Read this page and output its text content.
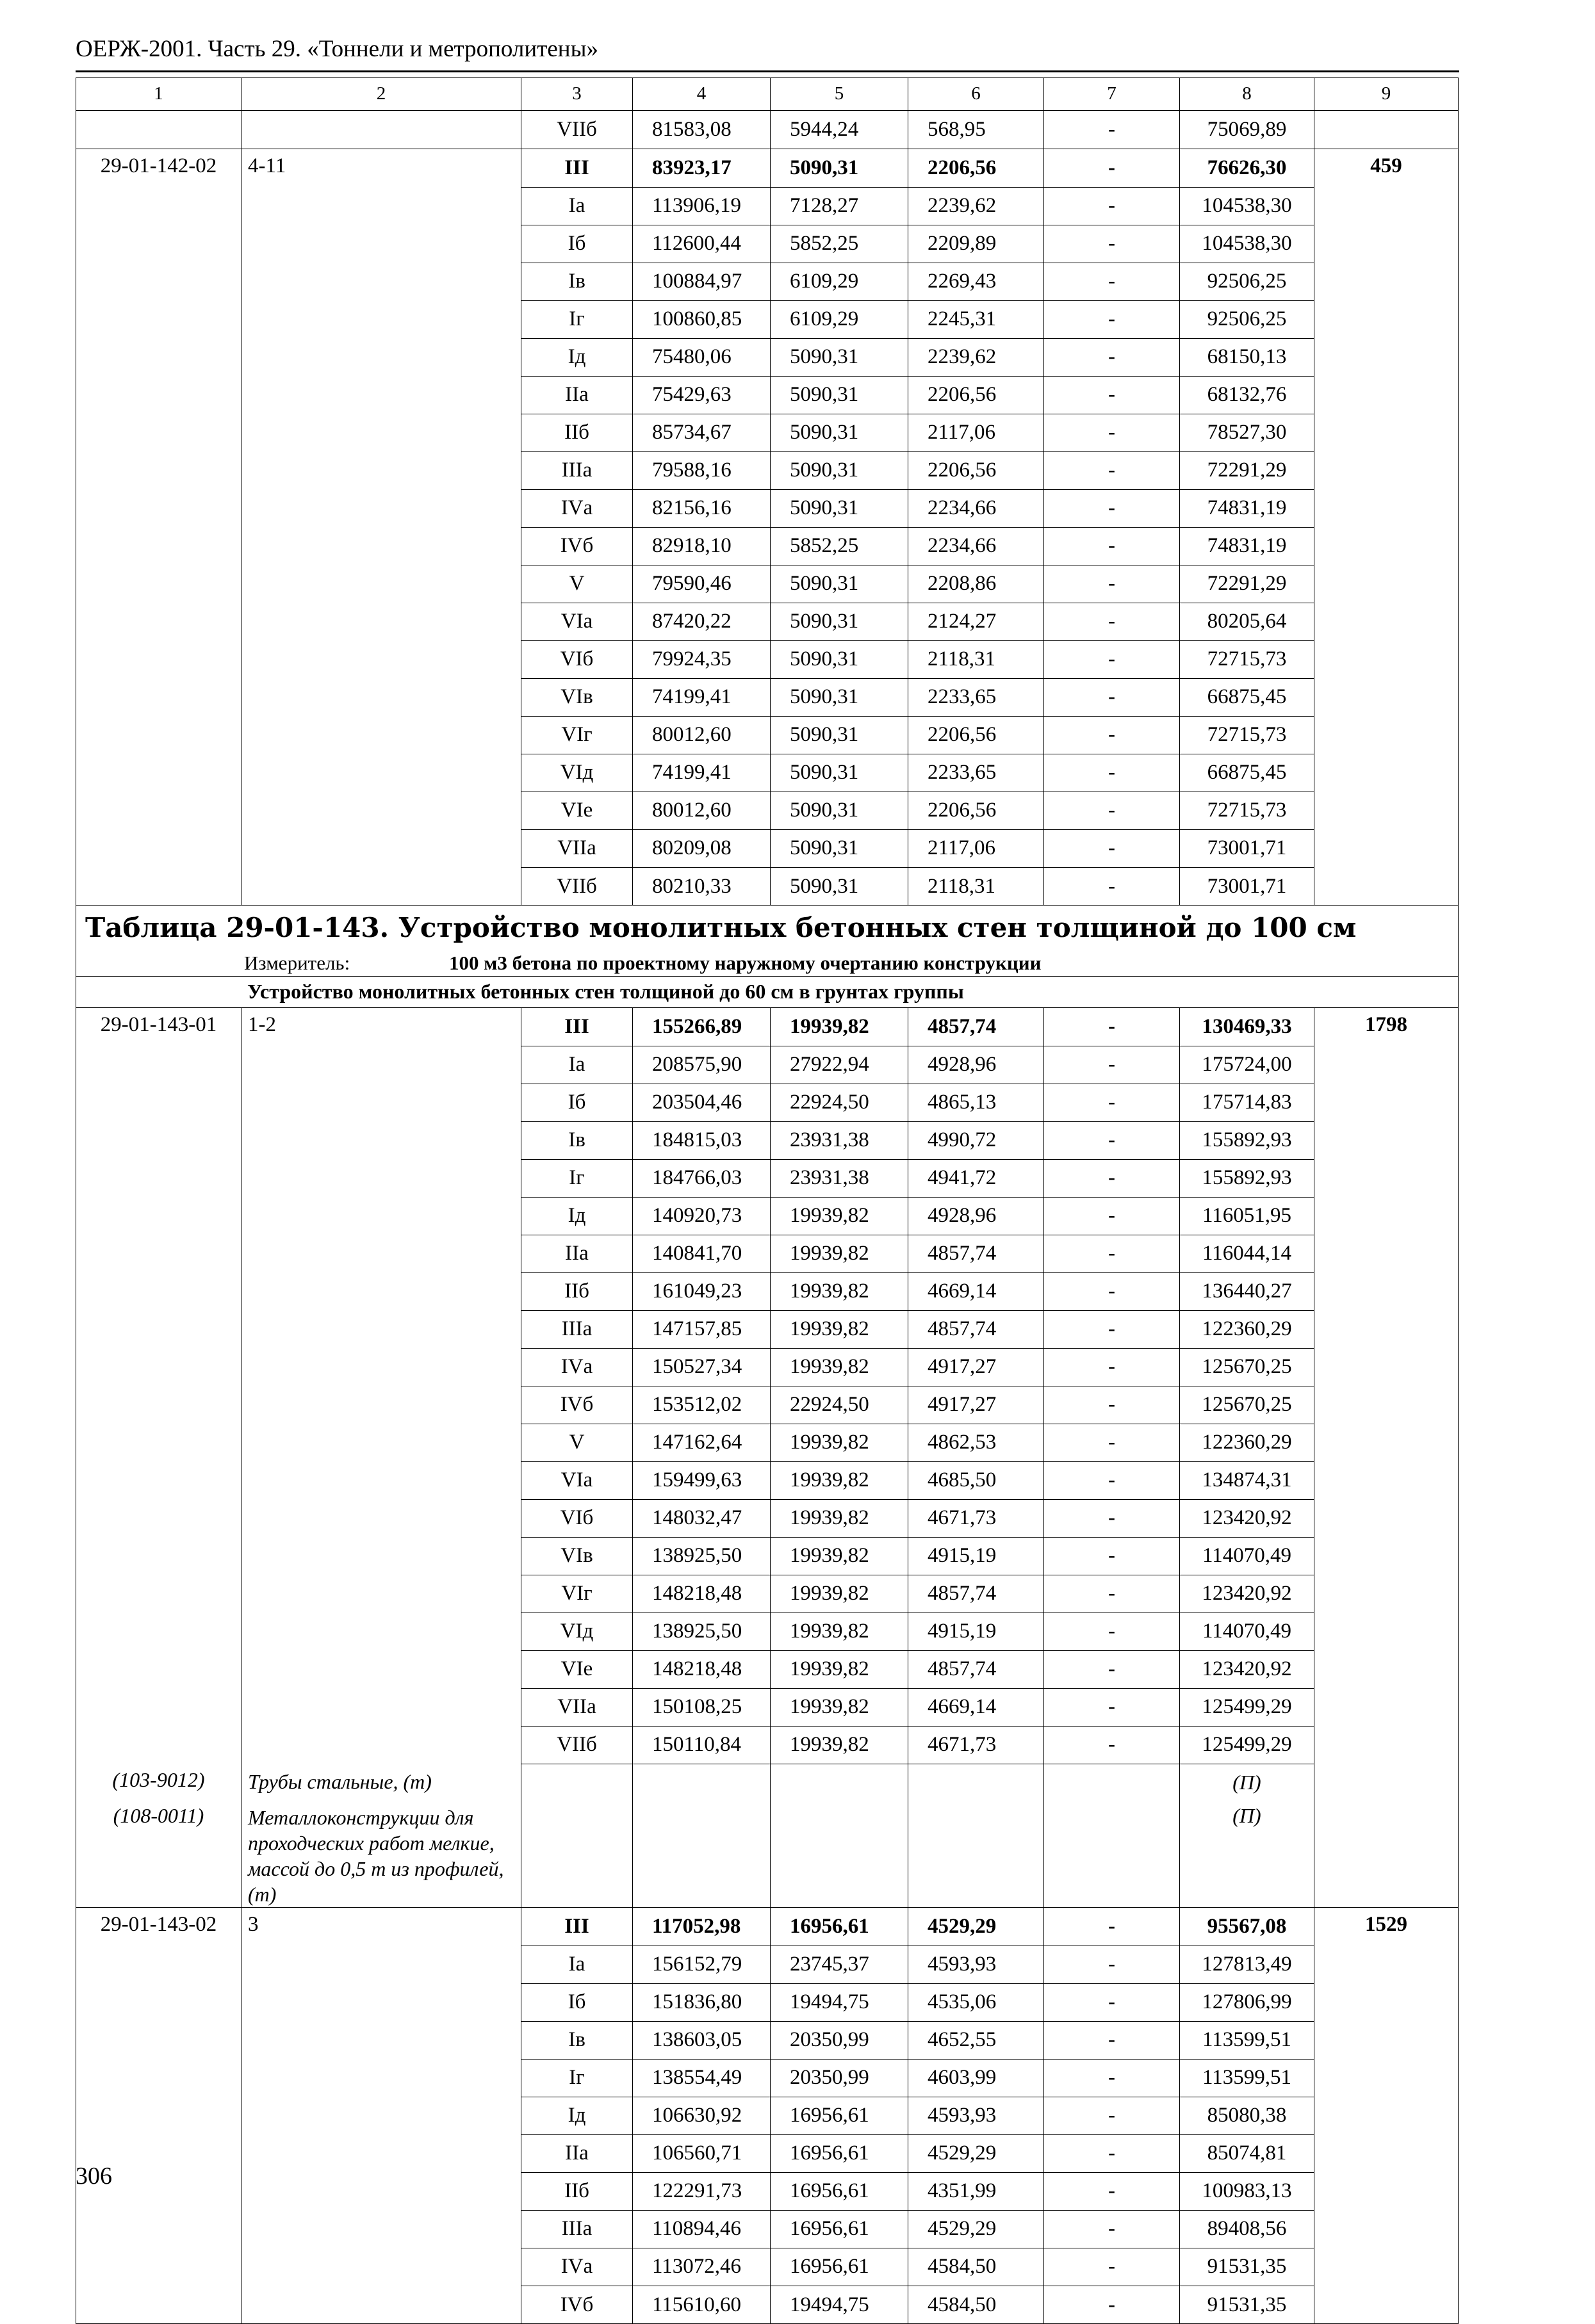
ОЕРЖ-2001. Часть 29. «Тоннели и метрополитены»
1	2	3	4	5	6	7	8	9
		VIIб	81583,08	5944,24	568,95	-	75069,89	
29-01-142-02	4-11	III	83923,17	5090,31	2206,56	-	76626,30	459
		Iа	113906,19	7128,27	2239,62	-	104538,30	
		Iб	112600,44	5852,25	2209,89	-	104538,30	
		Iв	100884,97	6109,29	2269,43	-	92506,25	
		Iг	100860,85	6109,29	2245,31	-	92506,25	
		Iд	75480,06	5090,31	2239,62	-	68150,13	
		IIа	75429,63	5090,31	2206,56	-	68132,76	
		IIб	85734,67	5090,31	2117,06	-	78527,30	
		IIIа	79588,16	5090,31	2206,56	-	72291,29	
		IVа	82156,16	5090,31	2234,66	-	74831,19	
		IVб	82918,10	5852,25	2234,66	-	74831,19	
		V	79590,46	5090,31	2208,86	-	72291,29	
		VIа	87420,22	5090,31	2124,27	-	80205,64	
		VIб	79924,35	5090,31	2118,31	-	72715,73	
		VIв	74199,41	5090,31	2233,65	-	66875,45	
		VIг	80012,60	5090,31	2206,56	-	72715,73	
		VIд	74199,41	5090,31	2233,65	-	66875,45	
		VIе	80012,60	5090,31	2206,56	-	72715,73	
		VIIа	80209,08	5090,31	2117,06	-	73001,71	
		VIIб	80210,33	5090,31	2118,31	-	73001,71	
Таблица 29-01-143. Устройство монолитных бетонных стен толщиной до 100 см								
Измеритель: 100 м3 бетона по проектному наружному очертанию конструкции								
Устройство монолитных бетонных стен толщиной до 60 см в грунтах группы								
29-01-143-01	1-2	III	155266,89	19939,82	4857,74	-	130469,33	1798
		Iа	208575,90	27922,94	4928,96	-	175724,00	
		Iб	203504,46	22924,50	4865,13	-	175714,83	
		Iв	184815,03	23931,38	4990,72	-	155892,93	
		Iг	184766,03	23931,38	4941,72	-	155892,93	
		Iд	140920,73	19939,82	4928,96	-	116051,95	
		IIа	140841,70	19939,82	4857,74	-	116044,14	
		IIб	161049,23	19939,82	4669,14	-	136440,27	
		IIIа	147157,85	19939,82	4857,74	-	122360,29	
		IVа	150527,34	19939,82	4917,27	-	125670,25	
		IVб	153512,02	22924,50	4917,27	-	125670,25	
		V	147162,64	19939,82	4862,53	-	122360,29	
		VIа	159499,63	19939,82	4685,50	-	134874,31	
		VIб	148032,47	19939,82	4671,73	-	123420,92	
		VIв	138925,50	19939,82	4915,19	-	114070,49	
		VIг	148218,48	19939,82	4857,74	-	123420,92	
		VIд	138925,50	19939,82	4915,19	-	114070,49	
		VIе	148218,48	19939,82	4857,74	-	123420,92	
		VIIа	150108,25	19939,82	4669,14	-	125499,29	
		VIIб	150110,84	19939,82	4671,73	-	125499,29	
(103-9012)	Трубы стальные, (т)						(П)	
(108-0011)	Металлоконструкции для проходческих работ мелкие, массой до 0,5 т из профилей, (т)						(П)	
29-01-143-02	3	III	117052,98	16956,61	4529,29	-	95567,08	1529
		Iа	156152,79	23745,37	4593,93	-	127813,49	
		Iб	151836,80	19494,75	4535,06	-	127806,99	
		Iв	138603,05	20350,99	4652,55	-	113599,51	
		Iг	138554,49	20350,99	4603,99	-	113599,51	
		Iд	106630,92	16956,61	4593,93	-	85080,38	
		IIа	106560,71	16956,61	4529,29	-	85074,81	
		IIб	122291,73	16956,61	4351,99	-	100983,13	
		IIIа	110894,46	16956,61	4529,29	-	89408,56	
		IVа	113072,46	16956,61	4584,50	-	91531,35	
		IVб	115610,60	19494,75	4584,50	-	91531,35	
306
